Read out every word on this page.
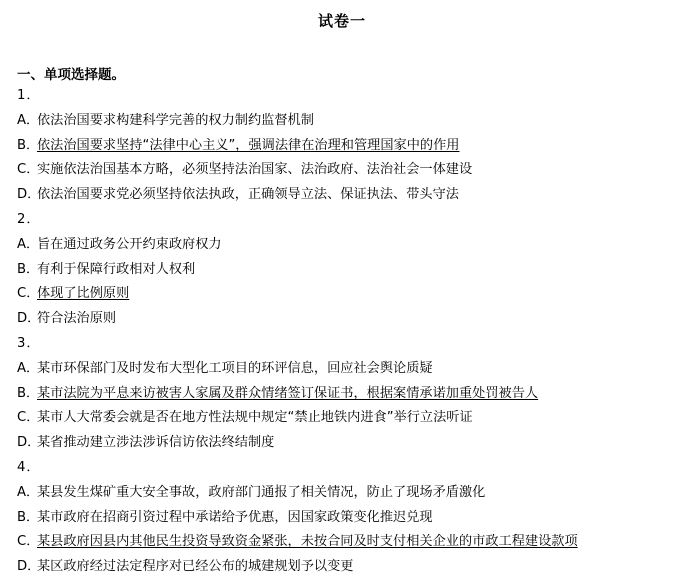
试卷一
一、单项选择题。
1．
A．依法治国要求构建科学完善的权力制约监督机制
B．依法治国要求坚持“法律中心主义”，强调法律在治理和管理国家中的作用
C．实施依法治国基本方略，必须坚持法治国家、法治政府、法治社会一体建设
D．依法治国要求党必须坚持依法执政，正确领导立法、保证执法、带头守法
2．
A．旨在通过政务公开约束政府权力
B．有利于保障行政相对人权利
C．体现了比例原则
D．符合法治原则
3．
A．某市环保部门及时发布大型化工项目的环评信息，回应社会舆论质疑
B．某市法院为平息来访被害人家属及群众情绪签订保证书，根据案情承诺加重处罚被告人
C．某市人大常委会就是否在地方性法规中规定“禁止地铁内进食”举行立法听证
D．某省推动建立涉法涉诉信访依法终结制度
4．
A．某县发生煤矿重大安全事故，政府部门通报了相关情况，防止了现场矛盾激化
B．某市政府在招商引资过程中承诺给予优惠，因国家政策变化推迟兑现
C．某县政府因县内其他民生投资导致资金紧张，未按合同及时支付相关企业的市政工程建设款项
D．某区政府经过法定程序对已经公布的城建规划予以变更
